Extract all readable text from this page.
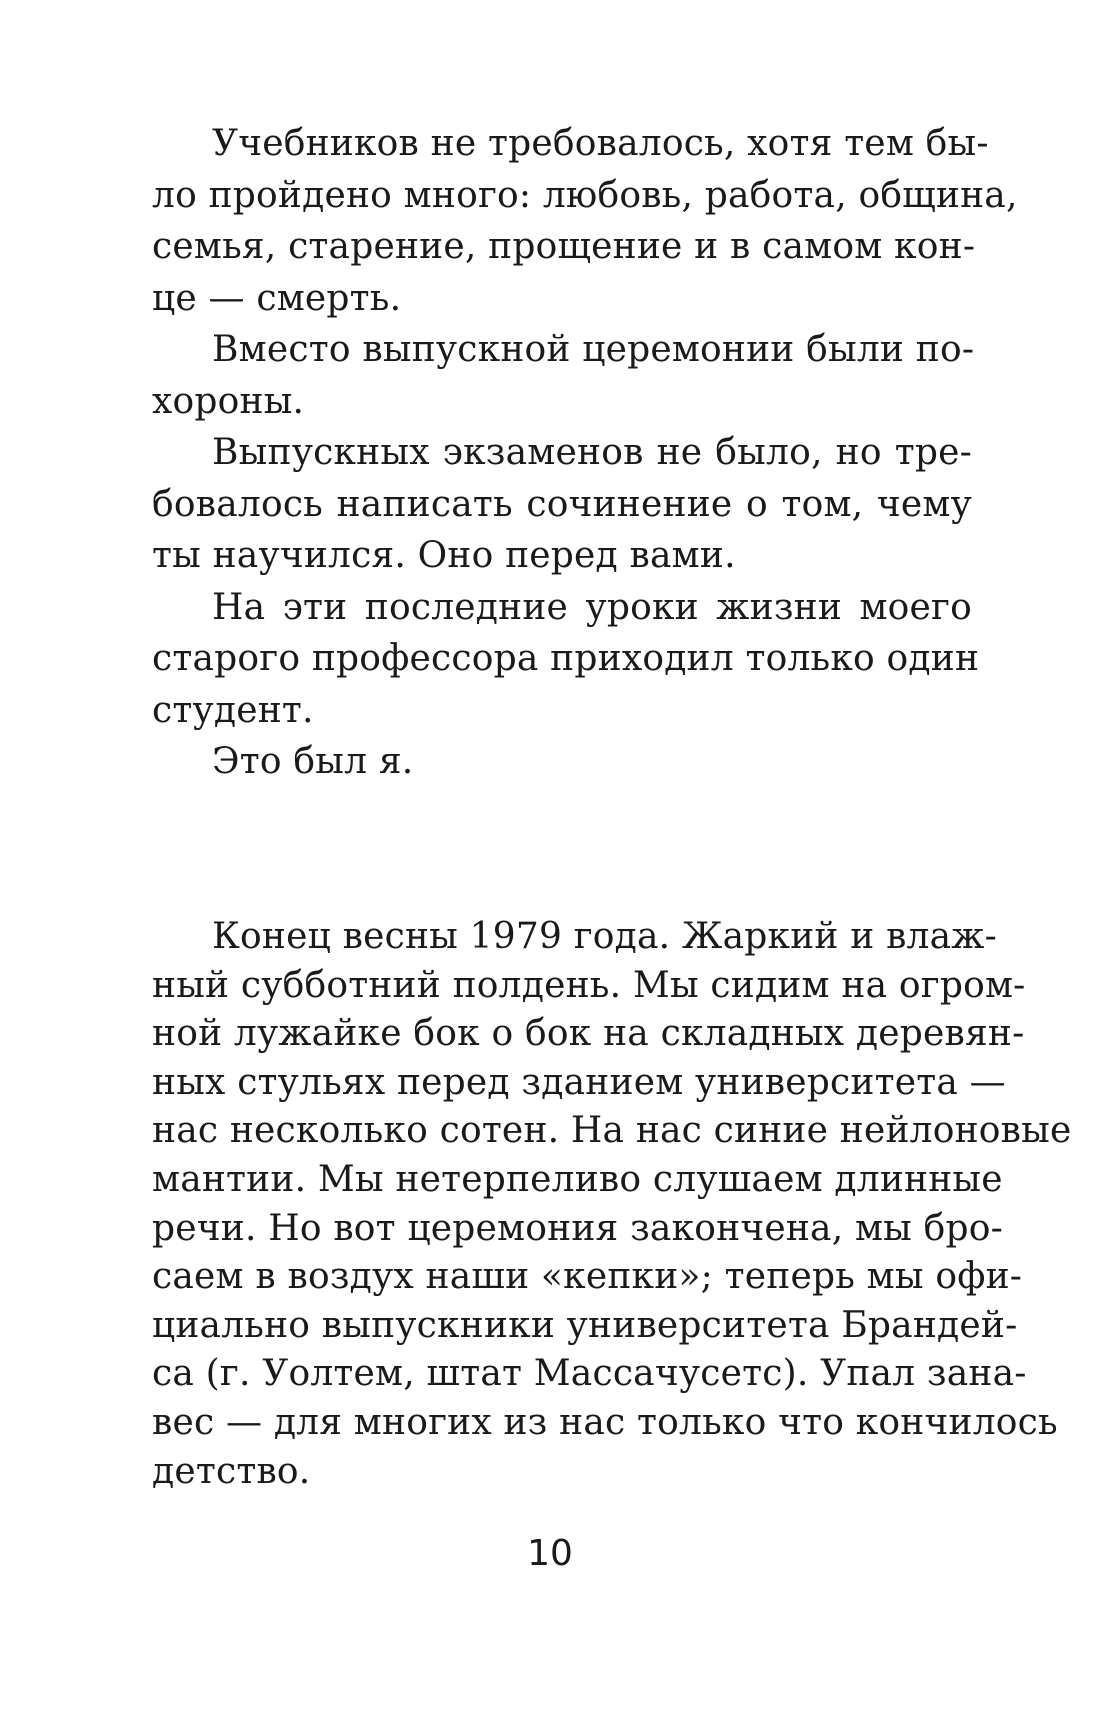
Учебников не требовалось, хотя тем бы-
ло пройдено много: любовь, работа, община,
семья, старение, прощение и в самом кон-
це — смерть.
Вместо выпускной церемонии были по-
хороны.
Выпускных экзаменов не было, но тре-
бовалось написать сочинение о том, чему
ты научился. Оно перед вами.
На эти последние уроки жизни моего
старого профессора приходил только один
студент.
Это был я.
Конец весны 1979 года. Жаркий и влаж-
ный субботний полдень. Мы сидим на огром-
ной лужайке бок о бок на складных деревян-
ных стульях перед зданием университета —
нас несколько сотен. На нас синие нейлоновые
мантии. Мы нетерпеливо слушаем длинные
речи. Но вот церемония закончена, мы бро-
саем в воздух наши «кепки»; теперь мы офи-
циально выпускники университета Брандей-
са (г. Уолтем, штат Массачусетс). Упал зана-
вес — для многих из нас только что кончилось
детство.
10
